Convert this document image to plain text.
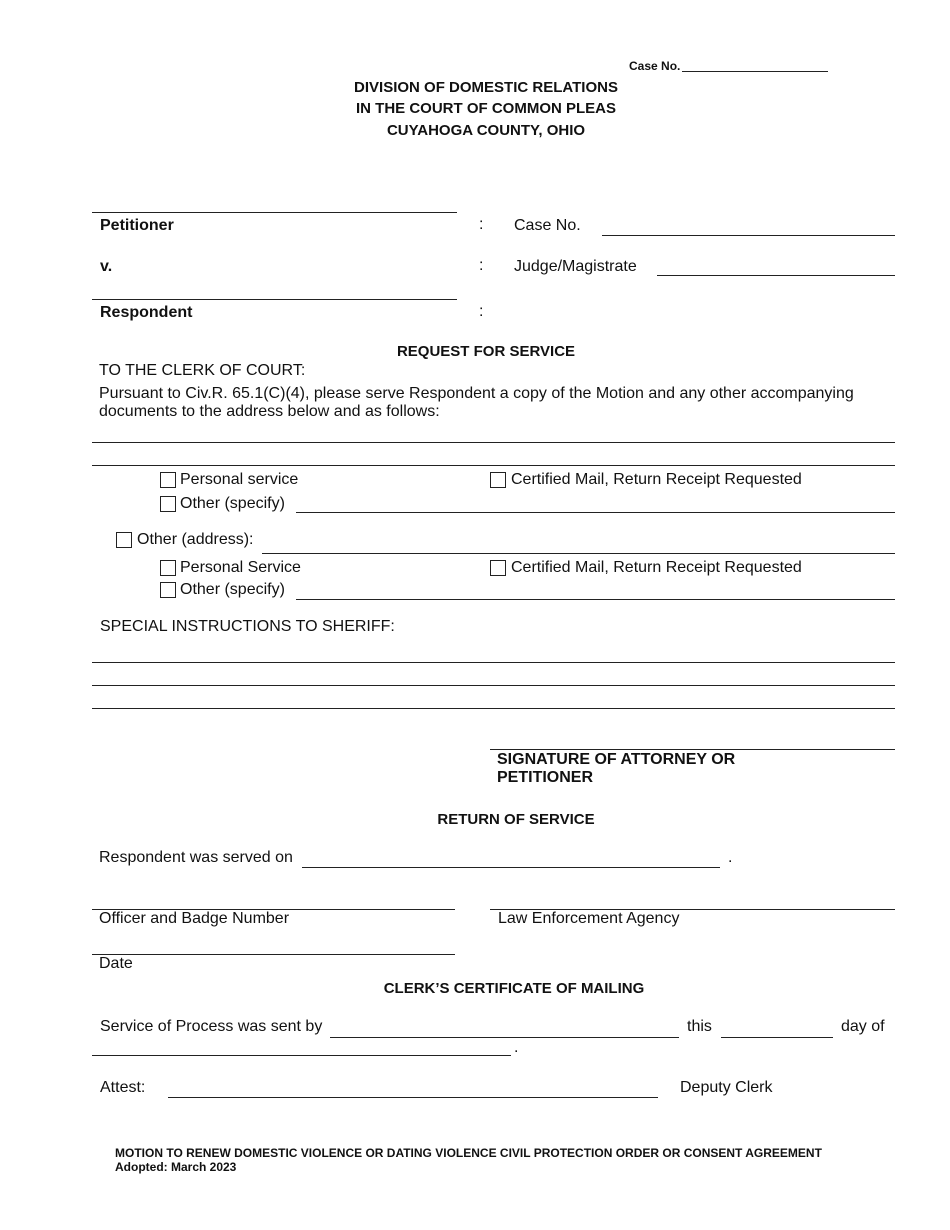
Case No.
DIVISION OF DOMESTIC RELATIONS
IN THE COURT OF COMMON PLEAS
CUYAHOGA COUNTY, OHIO
Petitioner	: Case No.
v.	: Judge/Magistrate
Respondent	:
REQUEST FOR SERVICE
TO THE CLERK OF COURT:
Pursuant to Civ.R. 65.1(C)(4), please serve Respondent a copy of the Motion and any other accompanying
documents to the address below and as follows:
Personal service	Certified Mail, Return Receipt Requested
Other (specify)
Other (address):
Personal Service	Certified Mail, Return Receipt Requested
Other (specify)
SPECIAL INSTRUCTIONS TO SHERIFF:
SIGNATURE OF ATTORNEY OR
PETITIONER
RETURN OF SERVICE
Respondent was served on	.
Officer and Badge Number	Law Enforcement Agency
Date
CLERK’S CERTIFICATE OF MAILING
Service of Process was sent by	this	day of
.
Attest:	Deputy Clerk
MOTION TO RENEW DOMESTIC VIOLENCE OR DATING VIOLENCE CIVIL PROTECTION ORDER OR CONSENT AGREEMENT
Adopted: March 2023
